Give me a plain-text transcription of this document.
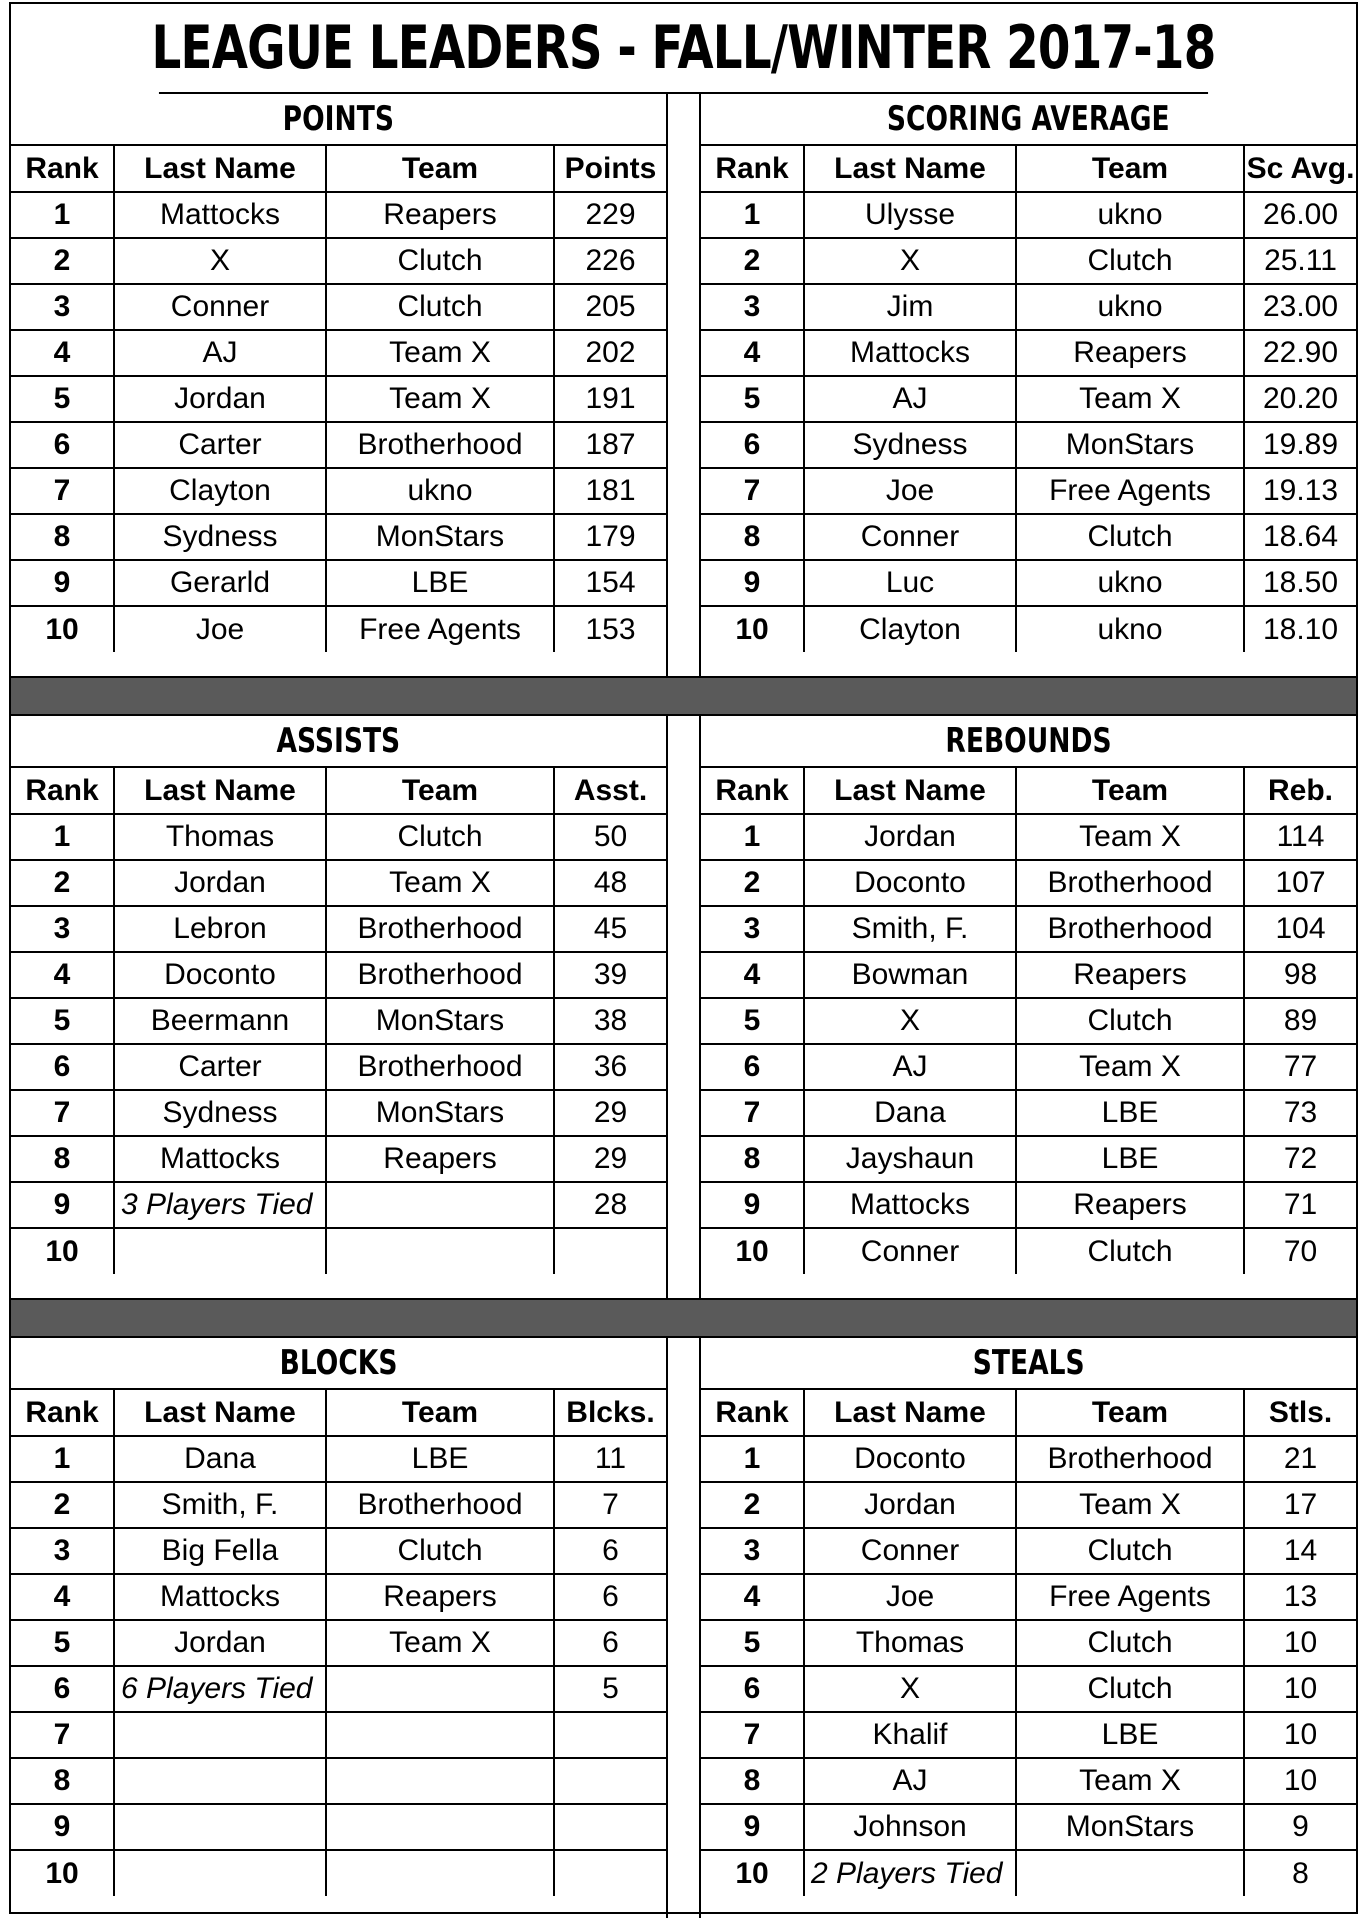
LEAGUE LEADERS - FALL/WINTER 2017-18
POINTS
Rank	Last Name	Team	Points
1	Mattocks	Reapers	229
2	X	Clutch	226
3	Conner	Clutch	205
4	AJ	Team X	202
5	Jordan	Team X	191
6	Carter	Brotherhood	187
7	Clayton	ukno	181
8	Sydness	MonStars	179
9	Gerarld	LBE	154
10	Joe	Free Agents	153
SCORING AVERAGE
Rank	Last Name	Team	Sc Avg.
1	Ulysse	ukno	26.00
2	X	Clutch	25.11
3	Jim	ukno	23.00
4	Mattocks	Reapers	22.90
5	AJ	Team X	20.20
6	Sydness	MonStars	19.89
7	Joe	Free Agents	19.13
8	Conner	Clutch	18.64
9	Luc	ukno	18.50
10	Clayton	ukno	18.10
ASSISTS
Rank	Last Name	Team	Asst.
1	Thomas	Clutch	50
2	Jordan	Team X	48
3	Lebron	Brotherhood	45
4	Doconto	Brotherhood	39
5	Beermann	MonStars	38
6	Carter	Brotherhood	36
7	Sydness	MonStars	29
8	Mattocks	Reapers	29
9	3 Players Tied		28
10			
REBOUNDS
Rank	Last Name	Team	Reb.
1	Jordan	Team X	114
2	Doconto	Brotherhood	107
3	Smith, F.	Brotherhood	104
4	Bowman	Reapers	98
5	X	Clutch	89
6	AJ	Team X	77
7	Dana	LBE	73
8	Jayshaun	LBE	72
9	Mattocks	Reapers	71
10	Conner	Clutch	70
BLOCKS
Rank	Last Name	Team	Blcks.
1	Dana	LBE	11
2	Smith, F.	Brotherhood	7
3	Big Fella	Clutch	6
4	Mattocks	Reapers	6
5	Jordan	Team X	6
6	6 Players Tied		5
7			
8			
9			
10			
STEALS
Rank	Last Name	Team	Stls.
1	Doconto	Brotherhood	21
2	Jordan	Team X	17
3	Conner	Clutch	14
4	Joe	Free Agents	13
5	Thomas	Clutch	10
6	X	Clutch	10
7	Khalif	LBE	10
8	AJ	Team X	10
9	Johnson	MonStars	9
10	2 Players Tied		8
